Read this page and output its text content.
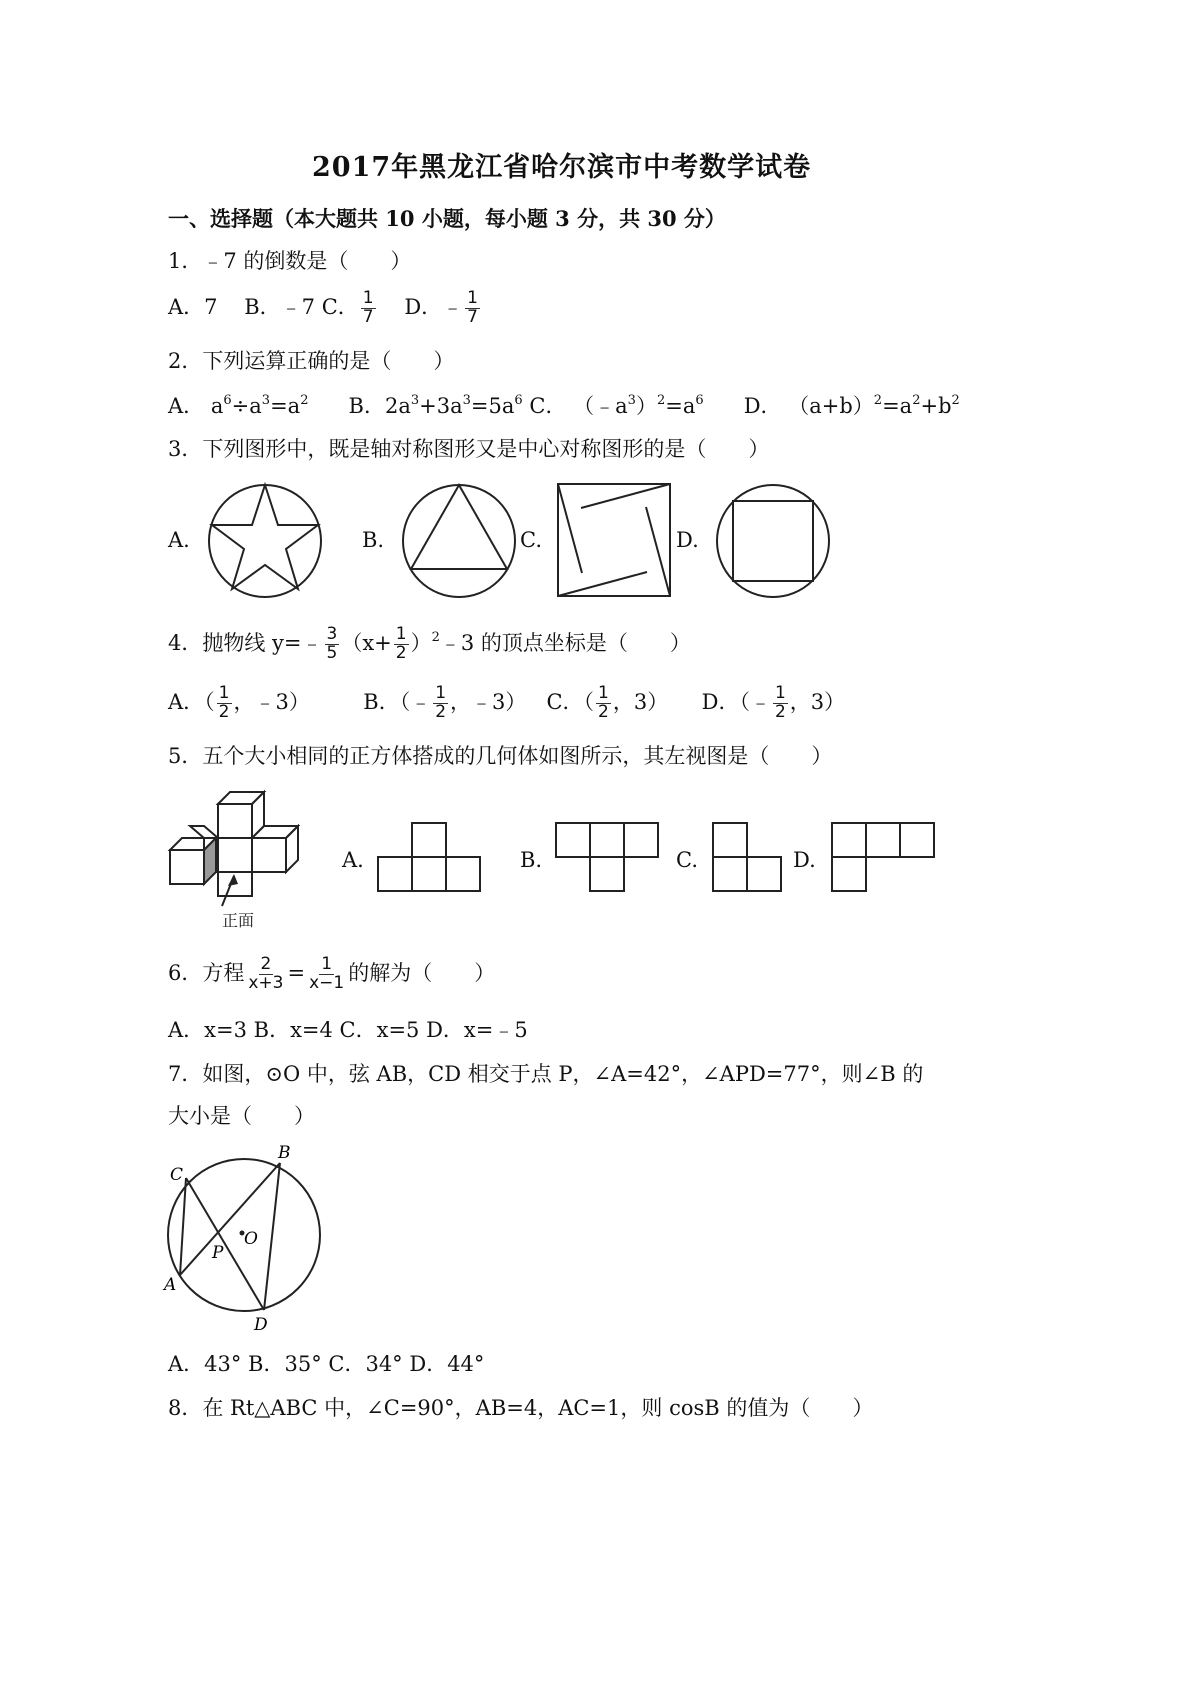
2017年黑龙江省哈尔滨市中考数学试卷
一、选择题（本大题共 10 小题，每小题 3 分，共 30 分）
1．﹣7 的倒数是（　　）
A．7 B．﹣7 C． $\frac{1}{7}$ D．﹣ $\frac{1}{7}$
2．下列运算正确的是（　　）
A． $a^6\div a^3=a^2$ B．$2a^3+3a^3=5a^6$ C． $(﹣a^3)^2=a^6$ D． $(a+b)^2=a^2+b^2$
3．下列图形中，既是轴对称图形又是中心对称图形的是（　　）
A.	B.	C.	D.
4．抛物线 y=﹣ $\frac{3}{5} (x+ \frac{1}{2}$ ）$^2﹣3$ 的顶点坐标是（　　）
A．（ $\frac{1}{2}$ ，﹣3）	B．（﹣ $\frac{1}{2}$ ，﹣3） C．（ $\frac{1}{2}$ ，3） D．（﹣ $\frac{1}{2}$ ，3）
5．五个大小相同的正方体搭成的几何体如图所示，其左视图是（　　）
正面
A.	B.	C.	D.
6．方程 $\frac{2}{x+3} = \frac{1}{x-1}$ 的解为（　　）
A．x=3 B．x=4 C．x=5 D．x=﹣5
7．如图，⊙O 中，弦 AB，CD 相交于点 P，∠A=42°，∠APD=77°，则∠B 的
大小是（　　）
C
B
A
D
P
O
A．43° B．35° C．34° D．44°
8．在 Rt△ABC 中，∠C=90°，AB=4，AC=1，则 cosB 的值为（　　）
